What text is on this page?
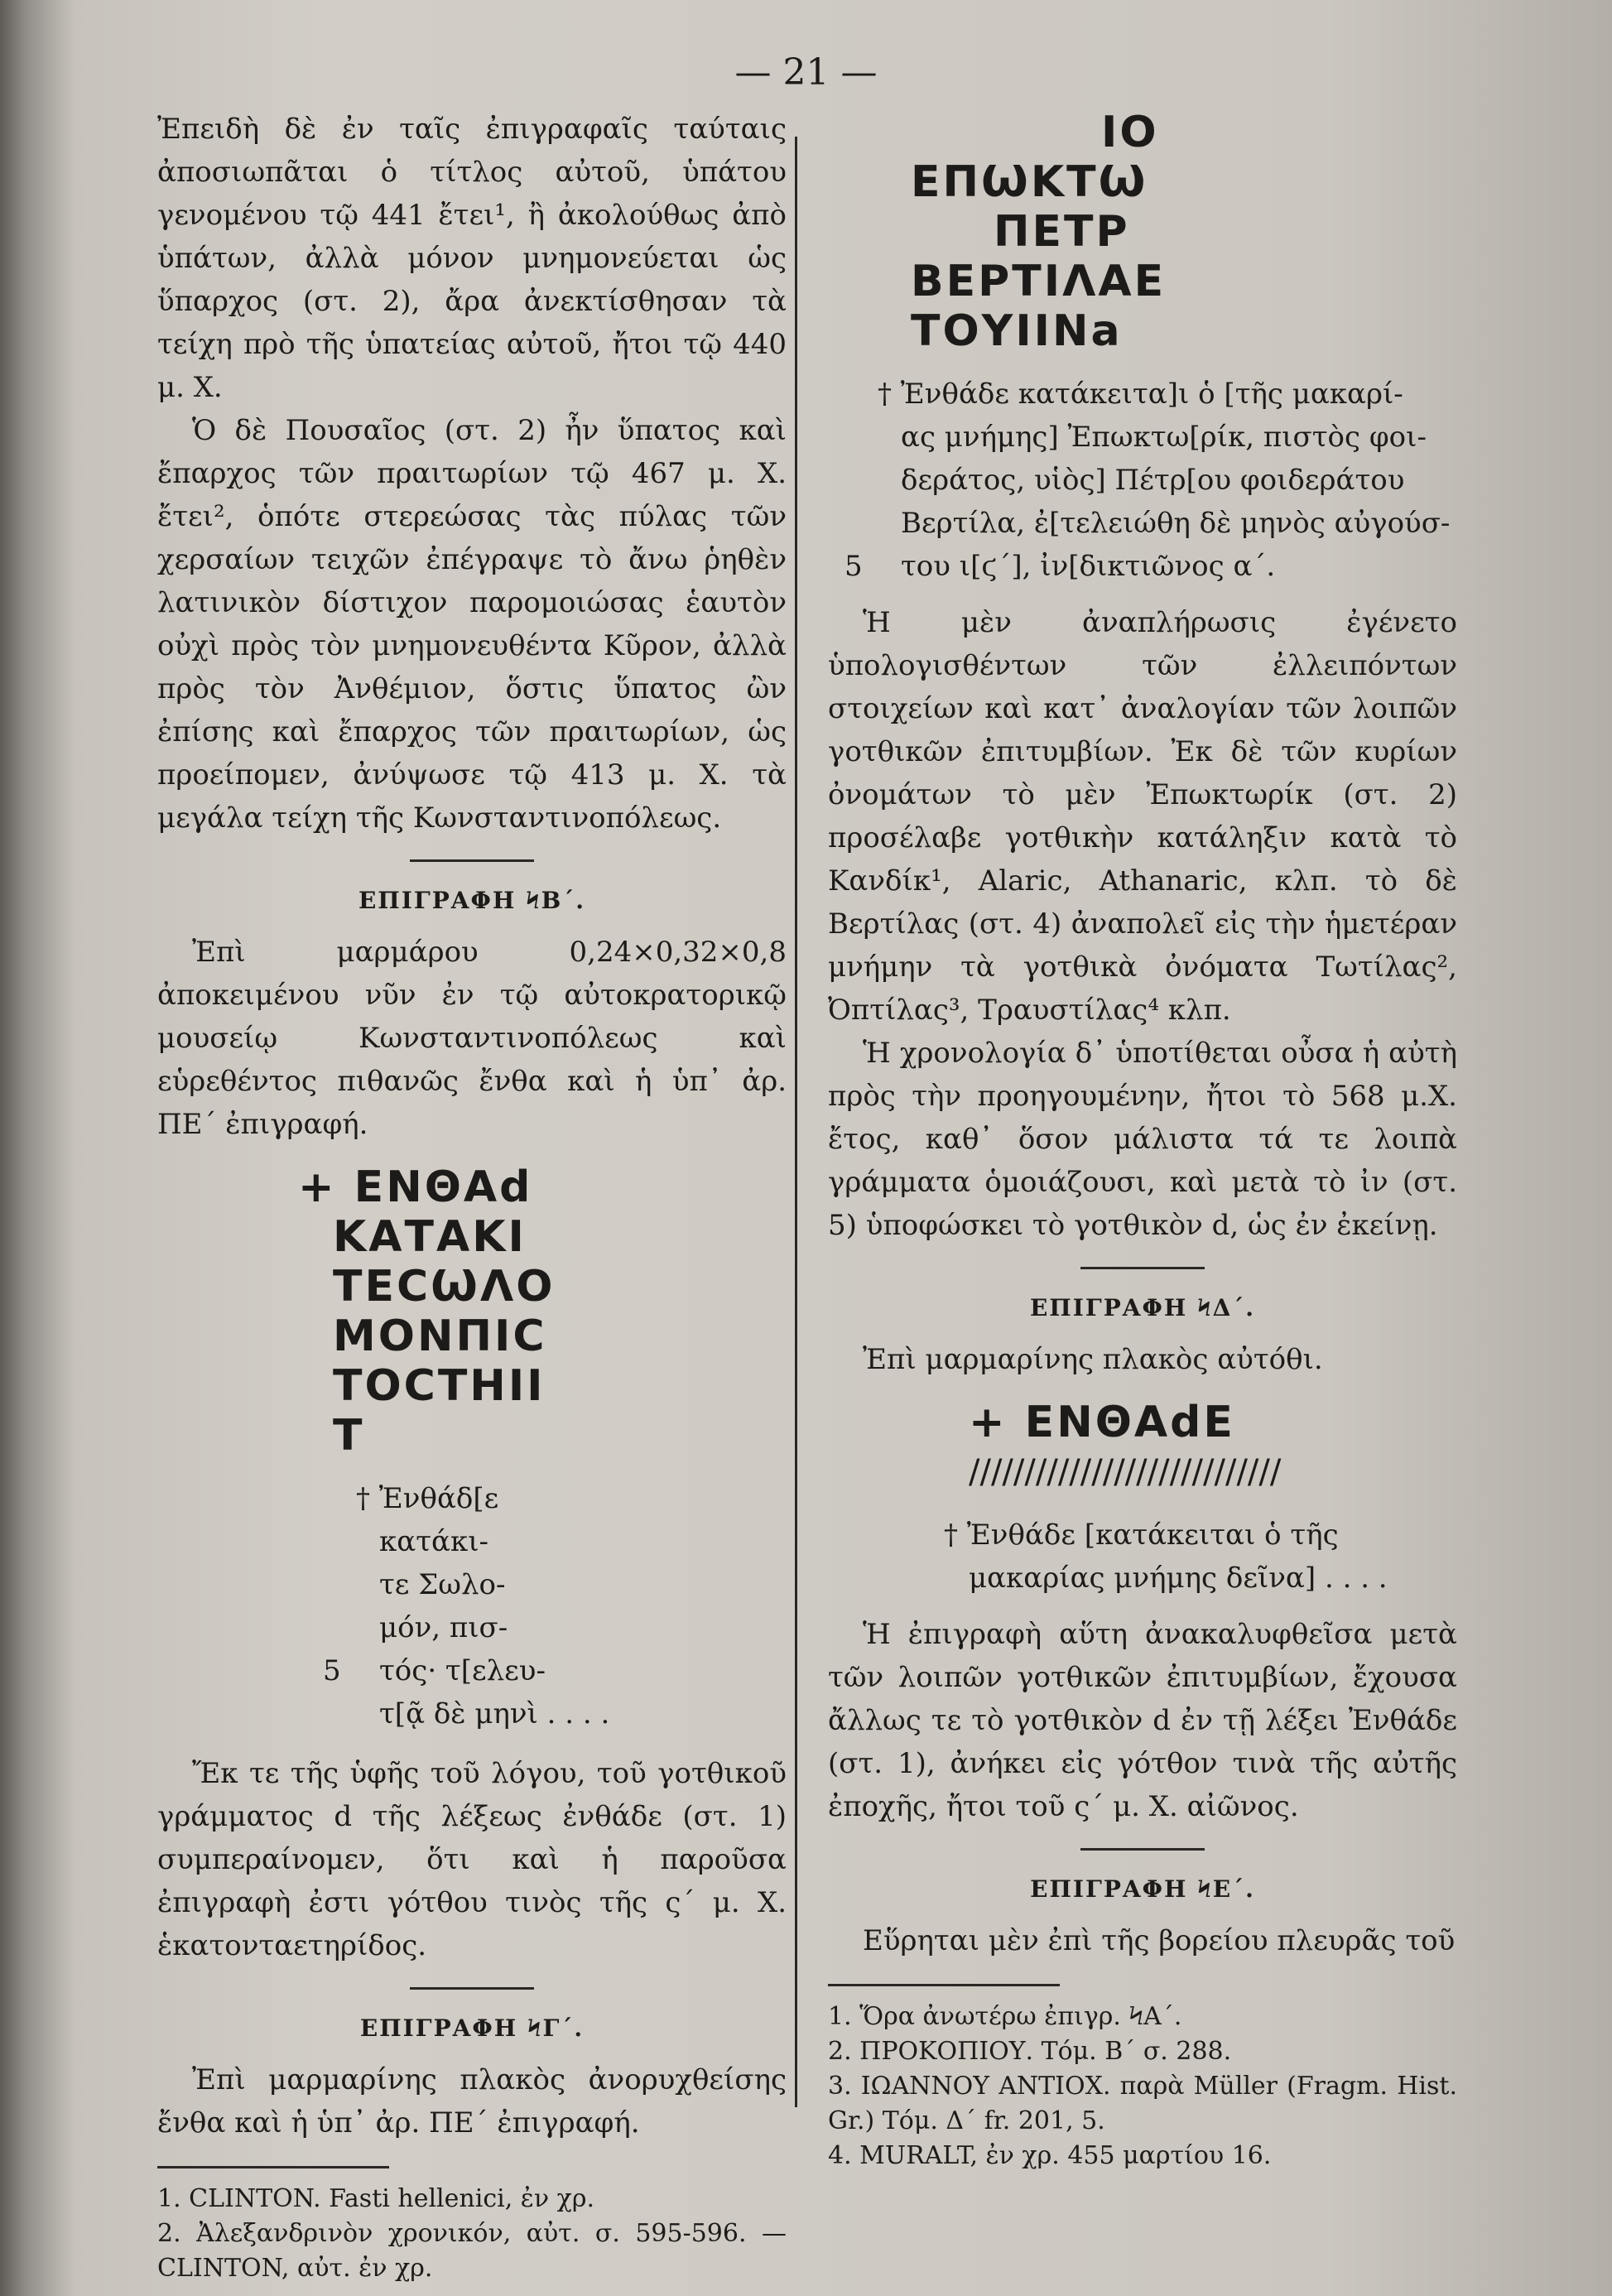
— 21 —

Ἐπειδὴ δὲ ἐν ταῖς ἐπιγραφαῖς ταύταις ἀποσιωπᾶται ὁ τίτλος αὐτοῦ, ὑπάτου γενομένου τῷ 441 ἔτει¹, ἢ ἀκολούθως ἀπὸ ὑπάτων, ἀλλὰ μόνον μνημονεύεται ὡς ὕπαρχος (στ. 2), ἄρα ἀνεκτίσθησαν τὰ τείχη πρὸ τῆς ὑπατείας αὐτοῦ, ἤτοι τῷ 440 μ. Χ.

Ὁ δὲ Πουσαῖος (στ. 2) ἦν ὕπατος καὶ ἔπαρχος τῶν πραιτωρίων τῷ 467 μ. Χ. ἔτει², ὁπότε στερεώσας τὰς πύλας τῶν χερσαίων τειχῶν ἐπέγραψε τὸ ἄνω ῥηθὲν λατινικὸν δίστιχον παρομοιώσας ἑαυτὸν οὐχὶ πρὸς τὸν μνημονευθέντα Κῦρον, ἀλλὰ πρὸς τὸν Ἀνθέμιον, ὅστις ὕπατος ὢν ἐπίσης καὶ ἔπαρχος τῶν πραιτωρίων, ὡς προείπομεν, ἀνύψωσε τῷ 413 μ. Χ. τὰ μεγάλα τείχη τῆς Κωνσταντινοπόλεως.

ΕΠΙΓΡΑΦΗ ϞΒ΄.

Ἐπὶ μαρμάρου 0,24×0,32×0,8 ἀποκειμένου νῦν ἐν τῷ αὐτοκρατορικῷ μουσείῳ Κωνσταντινοπόλεως καὶ εὑρεθέντος πιθανῶς ἔνθα καὶ ἡ ὑπ᾽ ἀρ. ΠΕ΄ ἐπιγραφή.

+ ΕΝΘΑd
ΚΑΤΑΚΙ
ΤΕCѠΛΟ
ΜΟΝΠΙC
ΤΟCΤΗΙΙ
Τ
† Ἐνθάδ[ε
κατάκι-
τε Σωλο-
μόν, πισ-
5 τός· τ[ελευ-
τ[ᾷ δὲ μηνὶ . . . .

Ἔκ τε τῆς ὑφῆς τοῦ λόγου, τοῦ γοτθικοῦ γράμματος d τῆς λέξεως ἐνθάδε (στ. 1) συμπεραίνομεν, ὅτι καὶ ἡ παροῦσα ἐπιγραφὴ ἐστι γότθου τινὸς τῆς ς΄ μ. Χ. ἑκατονταετηρίδος.

ΕΠΙΓΡΑΦΗ ϞΓ΄.

Ἐπὶ μαρμαρίνης πλακὸς ἀνορυχθείσης ἔνθα καὶ ἡ ὑπ᾽ ἀρ. ΠΕ΄ ἐπιγραφή.

1. CLINTON. Fasti hellenici, ἐν χρ.

2. Ἀλεξανδρινὸν χρονικόν, αὐτ. σ. 595-596. — CLINTON, αὐτ. ἐν χρ.

ΙΟ
ΕΠѠΚΤѠ
ΠΕΤΡ
ΒΕΡΤΙΛΑΕ
ΤΟΥΙΙΝa
† Ἐνθάδε κατάκειτα]ι ὁ [τῆς μακαρί-
ας μνήμης] Ἐπωκτω[ρίκ, πιστὸς φοι-
δεράτος, υἱὸς] Πέτρ[ου φοιδεράτου
Βερτίλα, ἐ[τελειώθη δὲ μηνὸς αὐγούσ-
5 του ι[ϛ΄], ἰν[δικτιῶνος α΄.

Ἡ μὲν ἀναπλήρωσις ἐγένετο ὑπολογισθέντων τῶν ἐλλειπόντων στοιχείων καὶ κατ᾽ ἀναλογίαν τῶν λοιπῶν γοτθικῶν ἐπιτυμβίων. Ἐκ δὲ τῶν κυρίων ὀνομάτων τὸ μὲν Ἐπωκτωρίκ (στ. 2) προσέλαβε γοτθικὴν κατάληξιν κατὰ τὸ Κανδίκ¹, Alaric, Athanaric, κλπ. τὸ δὲ Βερτίλας (στ. 4) ἀναπολεῖ εἰς τὴν ἡμετέραν μνήμην τὰ γοτθικὰ ὀνόματα Τωτίλας², Ὀπτίλας³, Τραυστίλας⁴ κλπ.

Ἡ χρονολογία δ᾽ ὑποτίθεται οὖσα ἡ αὐτὴ πρὸς τὴν προηγουμένην, ἤτοι τὸ 568 μ.Χ. ἔτος, καθ᾽ ὅσον μάλιστα τά τε λοιπὰ γράμματα ὁμοιάζουσι, καὶ μετὰ τὸ ἰν (στ. 5) ὑποφώσκει τὸ γοτθικὸν d, ὡς ἐν ἐκείνῃ.

ΕΠΙΓΡΑΦΗ ϞΔ΄.

Ἐπὶ μαρμαρίνης πλακὸς αὐτόθι.

+ ΕΝΘΑdΕ
////////////////////////////
† Ἐνθάδε [κατάκειται ὁ τῆς
μακαρίας μνήμης δεῖνα] . . . .

Ἡ ἐπιγραφὴ αὕτη ἀνακαλυφθεῖσα μετὰ τῶν λοιπῶν γοτθικῶν ἐπιτυμβίων, ἔχουσα ἄλλως τε τὸ γοτθικὸν d ἐν τῇ λέξει Ἐνθάδε (στ. 1), ἀνήκει εἰς γότθον τινὰ τῆς αὐτῆς ἐποχῆς, ἤτοι τοῦ ς΄ μ. Χ. αἰῶνος.

ΕΠΙΓΡΑΦΗ ϞΕ΄.

Εὕρηται μὲν ἐπὶ τῆς βορείου πλευρᾶς τοῦ

1. Ὅρα ἀνωτέρω ἐπιγρ. ϞΑ΄.

2. ΠΡΟΚΟΠΙΟΥ. Τόμ. Β΄ σ. 288.

3. ΙΩΑΝΝΟΥ ΑΝΤΙΟΧ. παρὰ Müller (Fragm. Hist. Gr.) Τόμ. Δ΄ fr. 201, 5.

4. MURALT, ἐν χρ. 455 μαρτίου 16.
